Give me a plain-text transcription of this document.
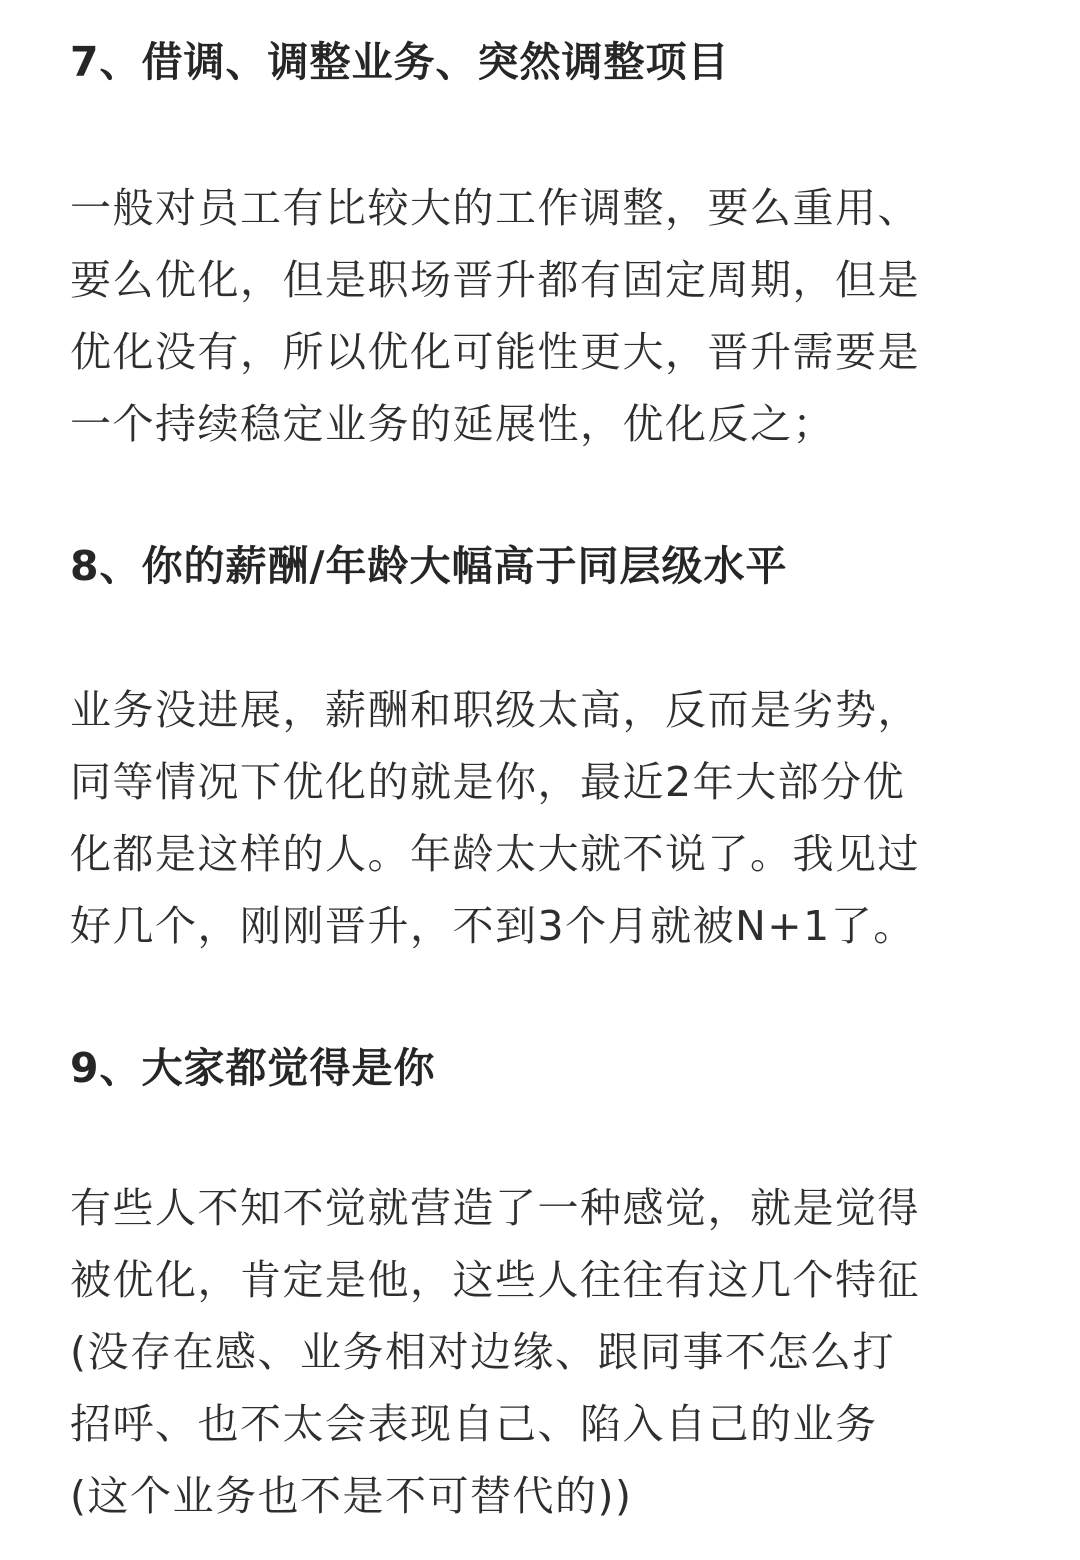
7、借调、调整业务、突然调整项目
一般对员工有比较大的工作调整，要么重用、
要么优化，但是职场晋升都有固定周期，但是
优化没有，所以优化可能性更大，晋升需要是
一个持续稳定业务的延展性，优化反之；
8、你的薪酬/年龄大幅高于同层级水平
业务没进展，薪酬和职级太高，反而是劣势，
同等情况下优化的就是你，最近2年大部分优
化都是这样的人。年龄太大就不说了。我见过
好几个，刚刚晋升，不到3个月就被N+1了。
9、大家都觉得是你
有些人不知不觉就营造了一种感觉，就是觉得
被优化，肯定是他，这些人往往有这几个特征
(没存在感、业务相对边缘、跟同事不怎么打
招呼、也不太会表现自己、陷入自己的业务
(这个业务也不是不可替代的))
